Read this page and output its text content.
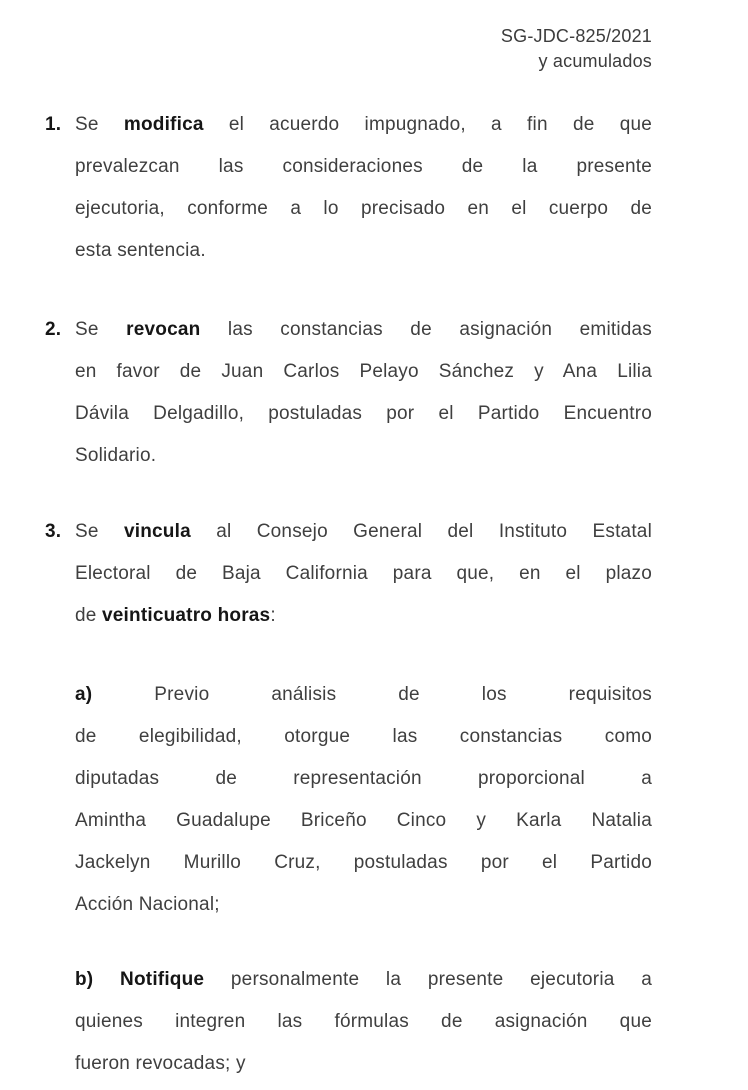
SG-JDC-825/2021
y acumulados
1. Se modifica el acuerdo impugnado, a fin de que
prevalezcan las consideraciones de la presente
ejecutoria, conforme a lo precisado en el cuerpo de
esta sentencia.
2. Se revocan las constancias de asignación emitidas
en favor de Juan Carlos Pelayo Sánchez y Ana Lilia
Dávila Delgadillo, postuladas por el Partido Encuentro
Solidario.
3. Se vincula al Consejo General del Instituto Estatal
Electoral de Baja California para que, en el plazo
de veinticuatro horas:
a) Previo análisis de los requisitos
de elegibilidad, otorgue las constancias como
diputadas de representación proporcional a
Amintha Guadalupe Briceño Cinco y Karla Natalia
Jackelyn Murillo Cruz, postuladas por el Partido
Acción Nacional;
b) Notifique personalmente la presente ejecutoria a
quienes integren las fórmulas de asignación que
fueron revocadas; y
